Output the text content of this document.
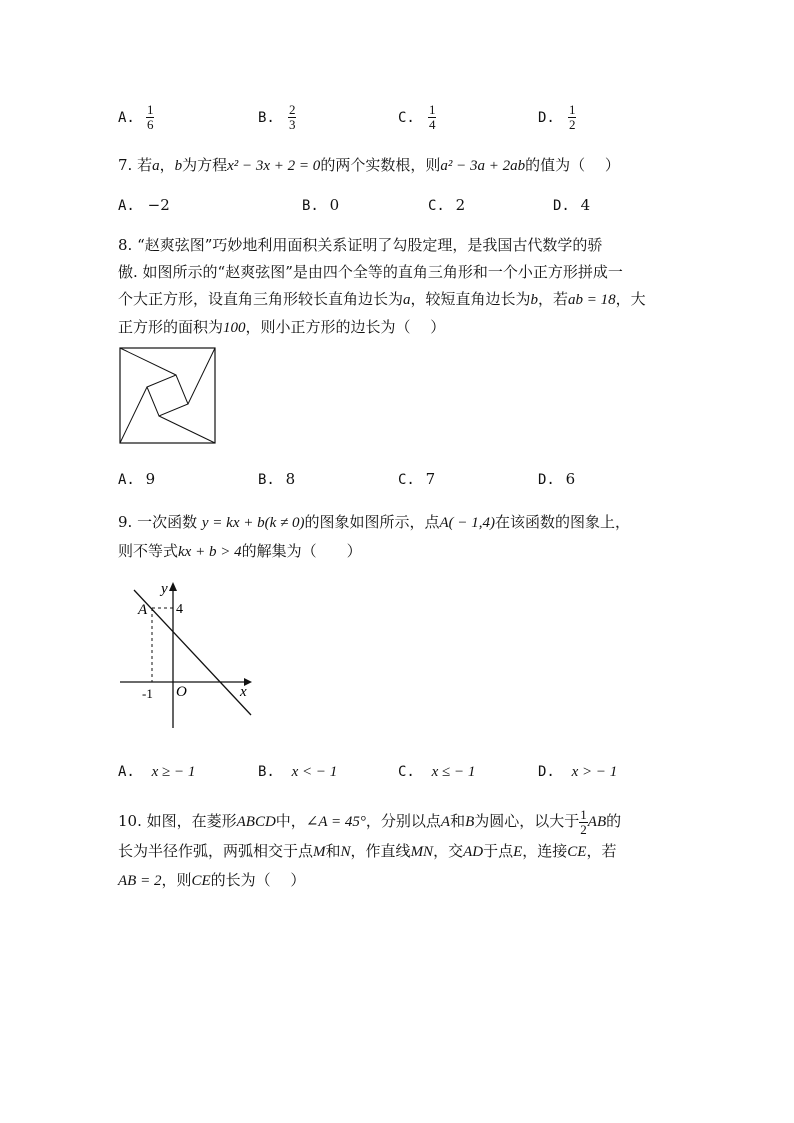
A. $\frac{1}{6}$	B. $\frac{2}{3}$	C. $\frac{1}{4}$	D. $\frac{1}{2}$
7. 若a，b为方程x² − 3x + 2 = 0的两个实数根，则a² − 3a + 2ab的值为（　 ）
A. −2	B. 0	C. 2	D. 4
8. “赵爽弦图”巧妙地利用面积关系证明了勾股定理，是我国古代数学的骄
傲. 如图所示的“赵爽弦图”是由四个全等的直角三角形和一个小正方形拼成一
个大正方形，设直角三角形较长直角边长为a，较短直角边长为b，若ab = 18，大
正方形的面积为100，则小正方形的边长为（　 ）
A. 9	B. 8	C. 7	D. 6
9. 一次函数 y = kx + b(k ≠ 0)的图象如图所示，点A( − 1,4)在该函数的图象上，
则不等式kx + b > 4的解集为（　　）
y
A 4
-1 O	x
A. x ≥ − 1	B. x < − 1	C. x ≤ − 1	D. x > − 1
10. 如图，在菱形ABCD中，∠A = 45°，分别以点A和B为圆心，以大于 $\frac{1}{2}$ AB的
长为半径作弧，两弧相交于点M和N，作直线MN，交AD于点E，连接CE，若
AB = 2，则CE的长为（　 ）
